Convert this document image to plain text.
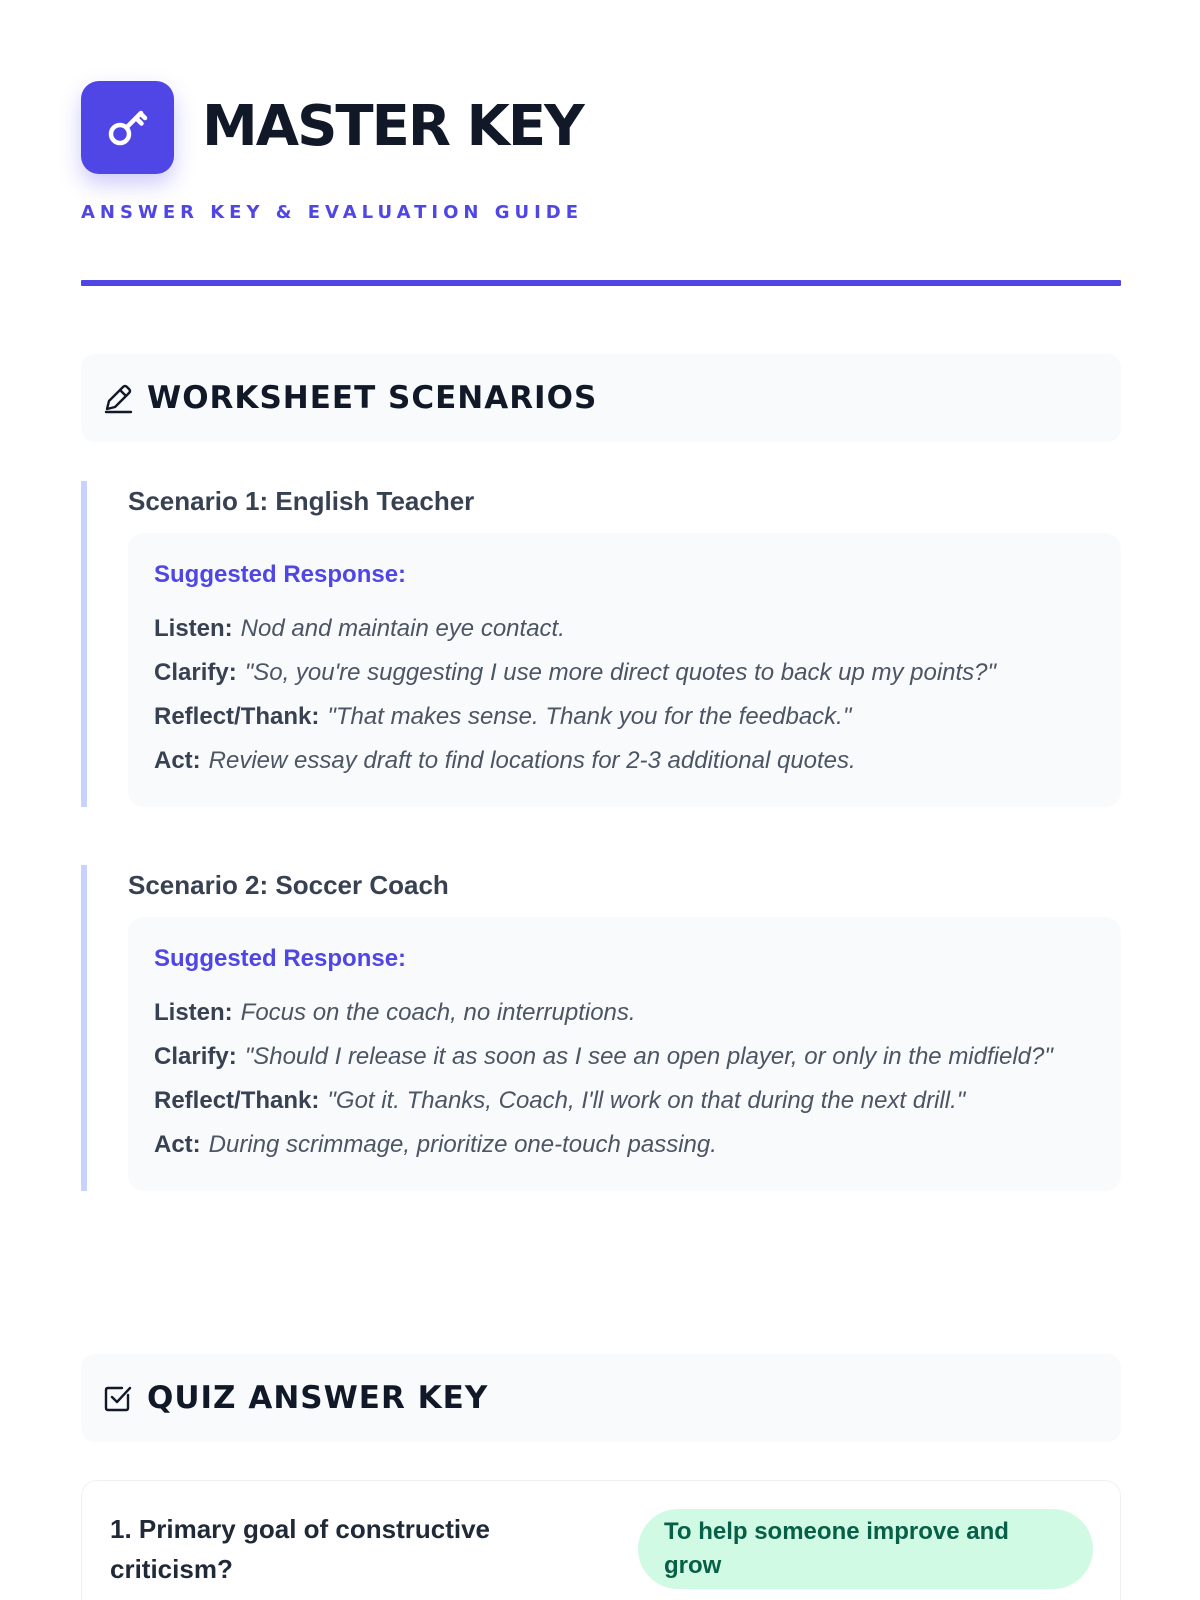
MASTER KEY
ANSWER KEY & EVALUATION GUIDE
WORKSHEET SCENARIOS
Scenario 1: English Teacher
Suggested Response:
Listen: Nod and maintain eye contact.
Clarify: "So, you're suggesting I use more direct quotes to back up my points?"
Reflect/Thank: "That makes sense. Thank you for the feedback."
Act: Review essay draft to find locations for 2-3 additional quotes.
Scenario 2: Soccer Coach
Suggested Response:
Listen: Focus on the coach, no interruptions.
Clarify: "Should I release it as soon as I see an open player, or only in the midfield?"
Reflect/Thank: "Got it. Thanks, Coach, I'll work on that during the next drill."
Act: During scrimmage, prioritize one-touch passing.
QUIZ ANSWER KEY
1. Primary goal of constructive criticism?
To help someone improve and grow
